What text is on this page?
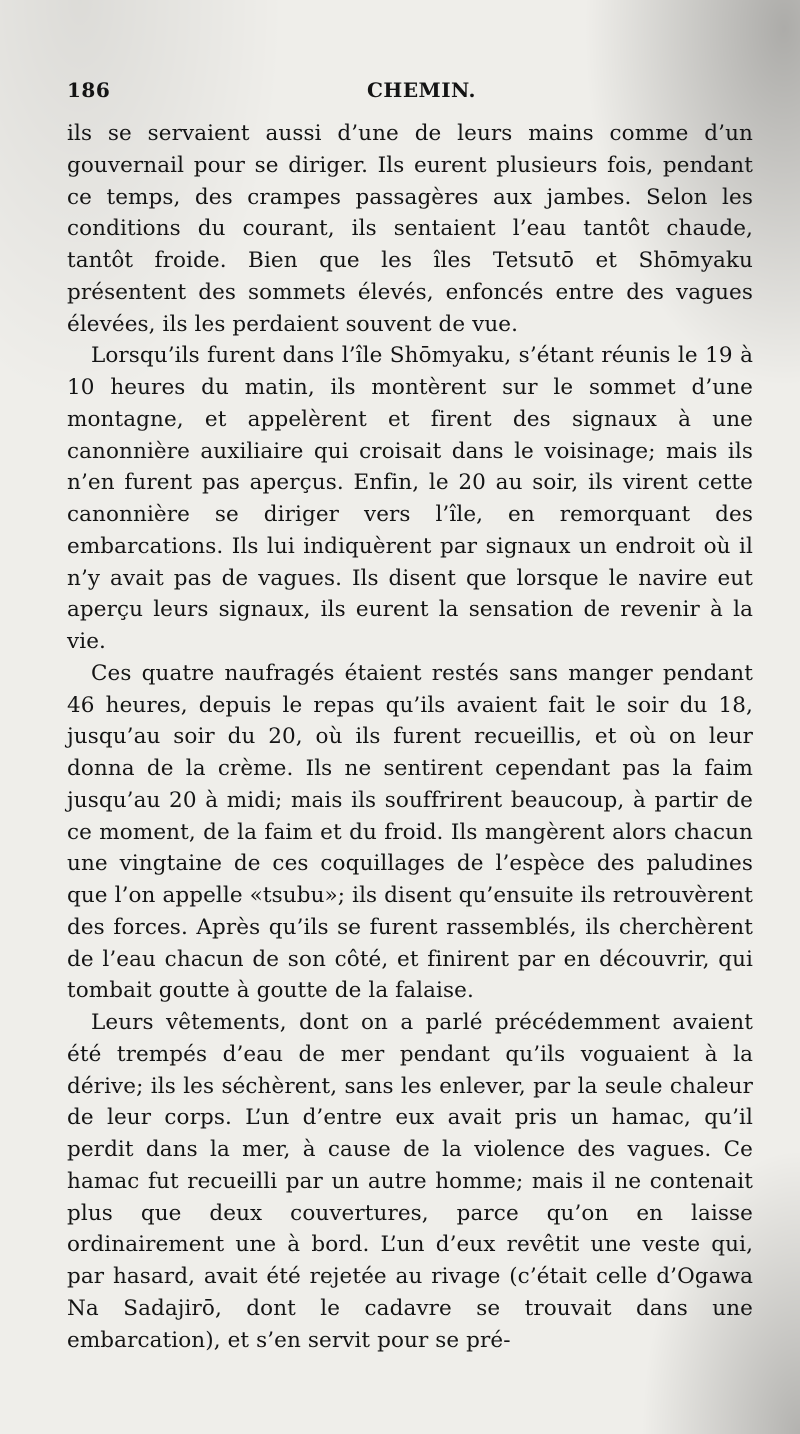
186	CHEMIN.

ils se servaient aussi d’une de leurs mains comme d’un gouvernail pour se diriger. Ils eurent plusieurs fois, pendant ce temps, des crampes passagères aux jambes. Selon les conditions du courant, ils sentaient l’eau tantôt chaude, tantôt froide. Bien que les îles Tetsutō et Shōmyaku présentent des sommets élevés, enfoncés entre des vagues élevées, ils les perdaient souvent de vue.

Lorsqu’ils furent dans l’île Shōmyaku, s’étant réunis le 19 à 10 heures du matin, ils montèrent sur le sommet d’une montagne, et appelèrent et firent des signaux à une canonnière auxiliaire qui croisait dans le voisinage; mais ils n’en furent pas aperçus. Enfin, le 20 au soir, ils virent cette canonnière se diriger vers l’île, en remorquant des embarcations. Ils lui indiquèrent par signaux un endroit où il n’y avait pas de vagues. Ils disent que lorsque le navire eut aperçu leurs signaux, ils eurent la sensation de revenir à la vie.

Ces quatre naufragés étaient restés sans manger pendant 46 heures, depuis le repas qu’ils avaient fait le soir du 18, jusqu’au soir du 20, où ils furent recueillis, et où on leur donna de la crème. Ils ne sentirent cependant pas la faim jusqu’au 20 à midi; mais ils souffrirent beaucoup, à partir de ce moment, de la faim et du froid. Ils mangèrent alors chacun une vingtaine de ces coquillages de l’espèce des paludines que l’on appelle «tsubu»; ils disent qu’ensuite ils retrouvèrent des forces. Après qu’ils se furent rassemblés, ils cherchèrent de l’eau chacun de son côté, et finirent par en découvrir, qui tombait goutte à goutte de la falaise.

Leurs vêtements, dont on a parlé précédemment avaient été trempés d’eau de mer pendant qu’ils voguaient à la dérive; ils les séchèrent, sans les enlever, par la seule chaleur de leur corps. L’un d’entre eux avait pris un hamac, qu’il perdit dans la mer, à cause de la violence des vagues. Ce hamac fut recueilli par un autre homme; mais il ne contenait plus que deux couvertures, parce qu’on en laisse ordinairement une à bord. L’un d’eux revêtit une veste qui, par hasard, avait été rejetée au rivage (c’était celle d’Ogawa Na Sadajirō, dont le cadavre se trouvait dans une embarcation), et s’en servit pour se pré-
